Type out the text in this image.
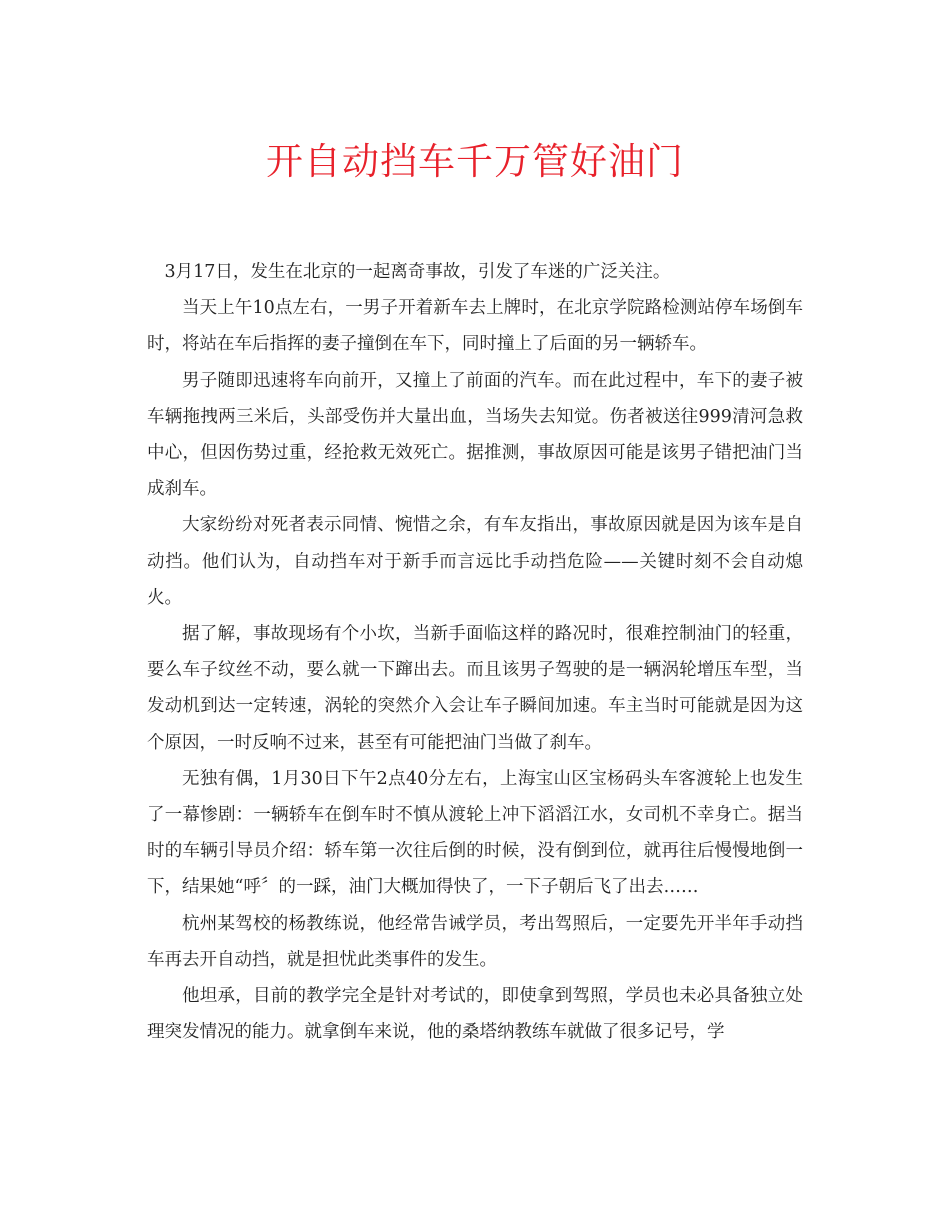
开自动挡车千万管好油门

3月17日，发生在北京的一起离奇事故，引发了车迷的广泛关注。

当天上午10点左右，一男子开着新车去上牌时，在北京学院路检测站停车场倒车时，将站在车后指挥的妻子撞倒在车下，同时撞上了后面的另一辆轿车。

男子随即迅速将车向前开，又撞上了前面的汽车。而在此过程中，车下的妻子被车辆拖拽两三米后，头部受伤并大量出血，当场失去知觉。伤者被送往999清河急救中心，但因伤势过重，经抢救无效死亡。据推测，事故原因可能是该男子错把油门当成刹车。

大家纷纷对死者表示同情、惋惜之余，有车友指出，事故原因就是因为该车是自动挡。他们认为，自动挡车对于新手而言远比手动挡危险——关键时刻不会自动熄火。

据了解，事故现场有个小坎，当新手面临这样的路况时，很难控制油门的轻重，要么车子纹丝不动，要么就一下蹿出去。而且该男子驾驶的是一辆涡轮增压车型，当发动机到达一定转速，涡轮的突然介入会让车子瞬间加速。车主当时可能就是因为这个原因，一时反响不过来，甚至有可能把油门当做了刹车。

无独有偶，1月30日下午2点40分左右，上海宝山区宝杨码头车客渡轮上也发生了一幕惨剧：一辆轿车在倒车时不慎从渡轮上冲下滔滔江水，女司机不幸身亡。据当时的车辆引导员介绍：轿车第一次往后倒的时候，没有倒到位，就再往后慢慢地倒一下，结果她“呼〞的一踩，油门大概加得快了，一下子朝后飞了出去……

杭州某驾校的杨教练说，他经常告诫学员，考出驾照后，一定要先开半年手动挡车再去开自动挡，就是担忧此类事件的发生。

他坦承，目前的教学完全是针对考试的，即使拿到驾照，学员也未必具备独立处理突发情况的能力。就拿倒车来说，他的桑塔纳教练车就做了很多记号，学
